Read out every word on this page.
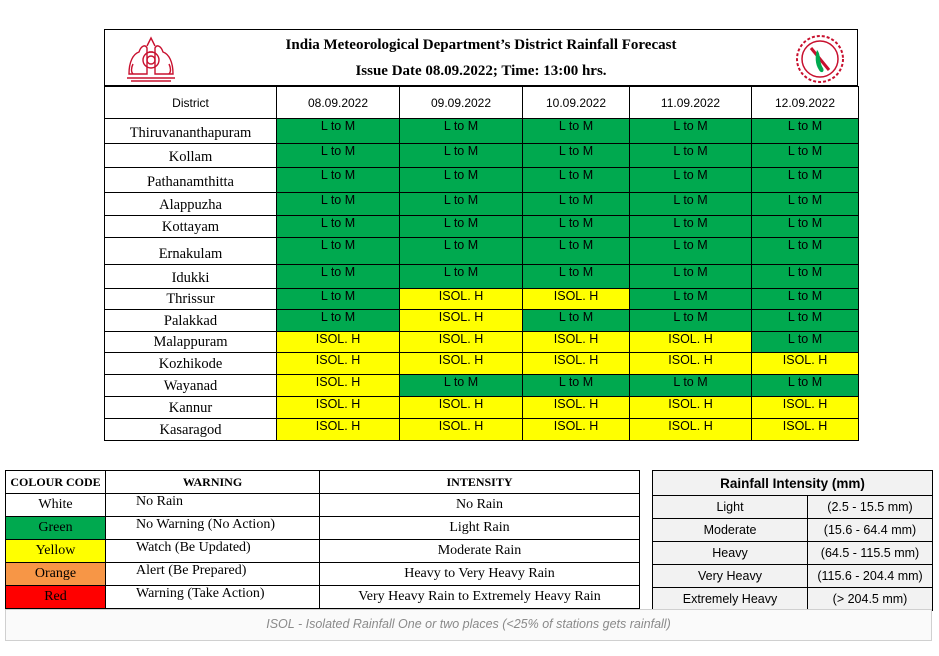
India Meteorological Department’s District Rainfall Forecast
Issue Date 08.09.2022; Time: 13:00 hrs.
District	08.09.2022	09.09.2022	10.09.2022	11.09.2022	12.09.2022
Thiruvananthapuram	L to M	L to M	L to M	L to M	L to M
Kollam	L to M	L to M	L to M	L to M	L to M
Pathanamthitta	L to M	L to M	L to M	L to M	L to M
Alappuzha	L to M	L to M	L to M	L to M	L to M
Kottayam	L to M	L to M	L to M	L to M	L to M
Ernakulam	L to M	L to M	L to M	L to M	L to M
Idukki	L to M	L to M	L to M	L to M	L to M
Thrissur	L to M	ISOL. H	ISOL. H	L to M	L to M
Palakkad	L to M	ISOL. H	L to M	L to M	L to M
Malappuram	ISOL. H	ISOL. H	ISOL. H	ISOL. H	L to M
Kozhikode	ISOL. H	ISOL. H	ISOL. H	ISOL. H	ISOL. H
Wayanad	ISOL. H	L to M	L to M	L to M	L to M
Kannur	ISOL. H	ISOL. H	ISOL. H	ISOL. H	ISOL. H
Kasaragod	ISOL. H	ISOL. H	ISOL. H	ISOL. H	ISOL. H
COLOUR CODE	WARNING	INTENSITY
White	No Rain	No Rain
Green	No Warning (No Action)	Light Rain
Yellow	Watch (Be Updated)	Moderate Rain
Orange	Alert (Be Prepared)	Heavy to Very Heavy Rain
Red	Warning (Take Action)	Very Heavy Rain to Extremely Heavy Rain
Rainfall Intensity (mm)	
Light	(2.5 - 15.5 mm)
Moderate	(15.6 - 64.4 mm)
Heavy	(64.5 - 115.5 mm)
Very Heavy	(115.6 - 204.4 mm)
Extremely Heavy	(> 204.5 mm)
ISOL - Isolated Rainfall One or two places (<25% of stations gets rainfall)
